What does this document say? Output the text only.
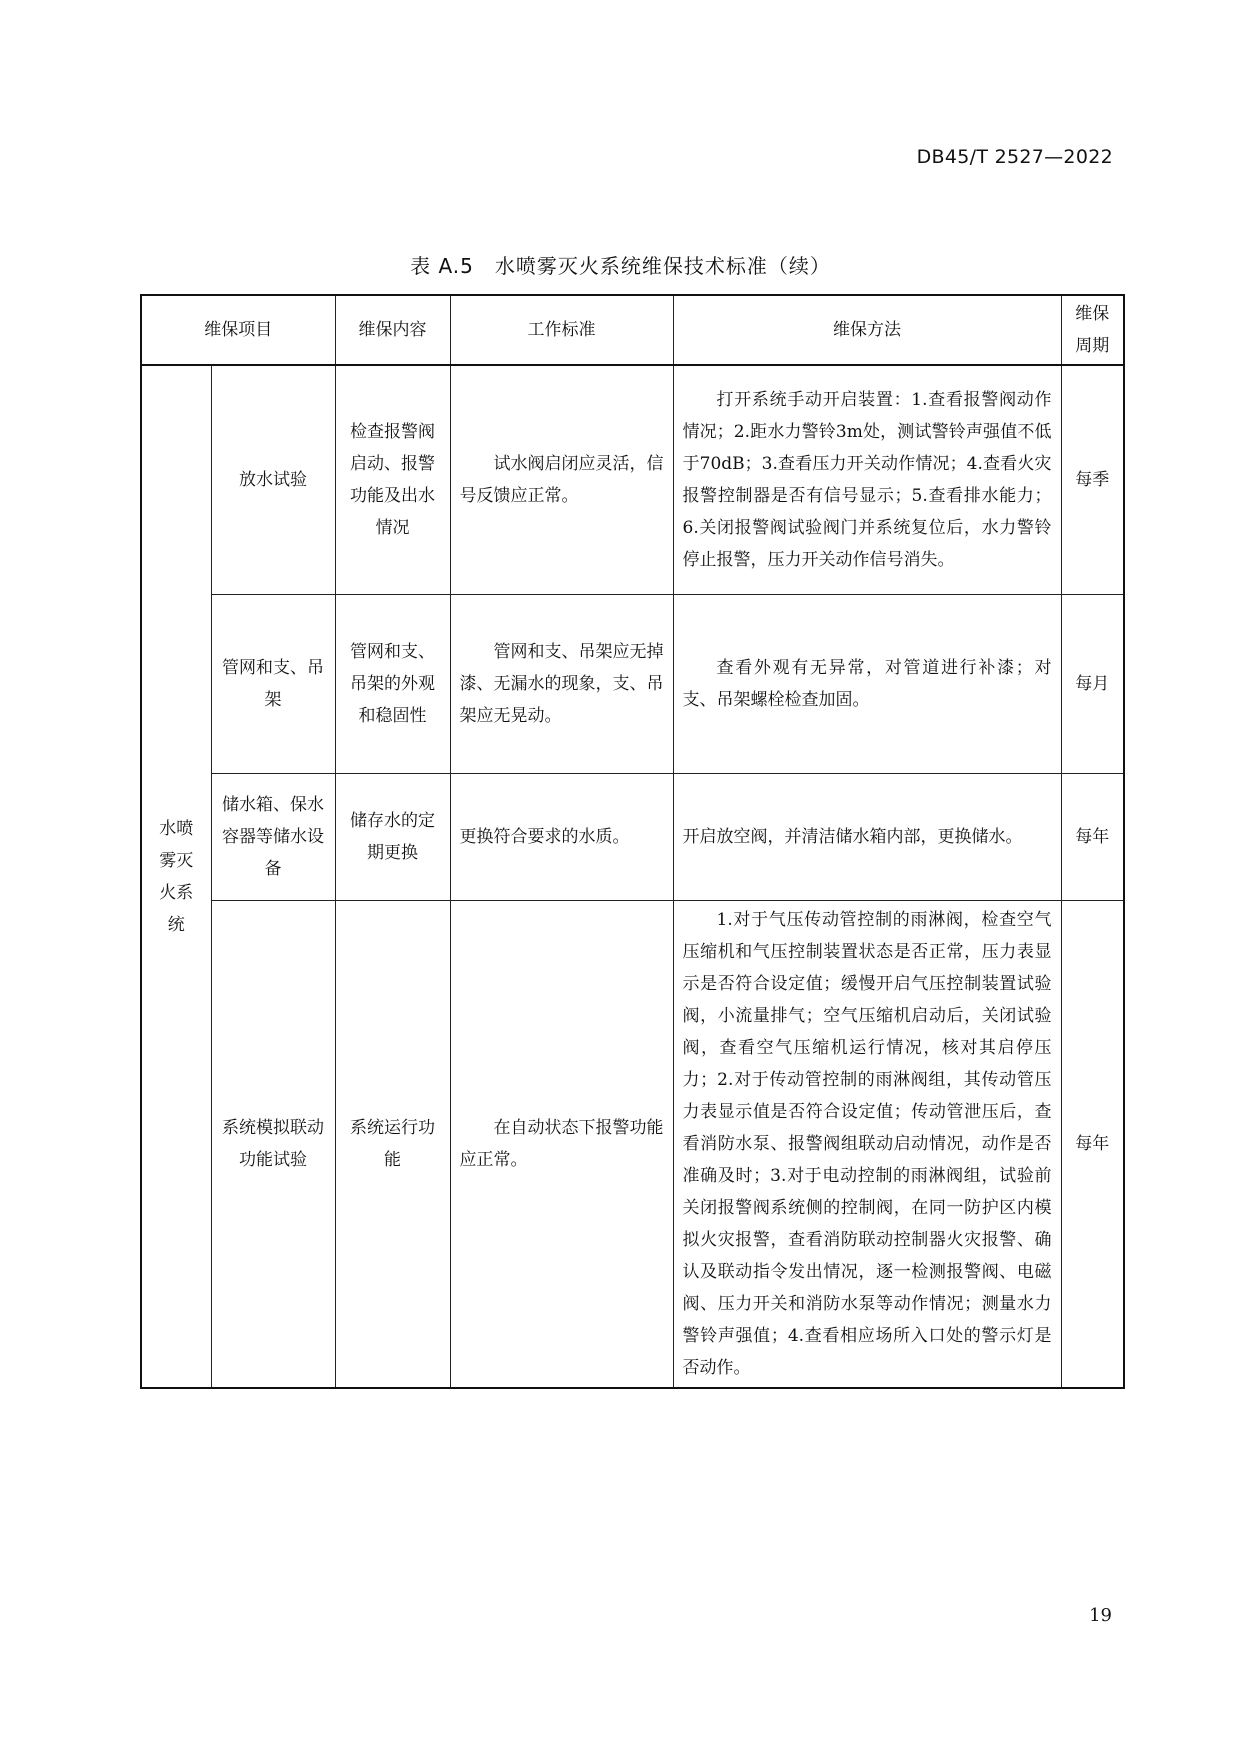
DB45/T 2527—2022
表 A.5　水喷雾灭火系统维保技术标准（续）
维保项目		维保内容	工作标准	维保方法	维保周期
水喷雾灭火系统	放水试验	检查报警阀启动、报警功能及出水情况	试水阀启闭应灵活，信号反馈应正常。	打开系统手动开启装置：1.查看报警阀动作情况；2.距水力警铃3m处，测试警铃声强值不低于70dB；3.查看压力开关动作情况；4.查看火灾报警控制器是否有信号显示；5.查看排水能力；6.关闭报警阀试验阀门并系统复位后，水力警铃停止报警，压力开关动作信号消失。	每季
	管网和支、吊架	管网和支、吊架的外观和稳固性	管网和支、吊架应无掉漆、无漏水的现象，支、吊架应无晃动。	查看外观有无异常，对管道进行补漆；对支、吊架螺栓检查加固。	每月
	储水箱、保水容器等储水设备	储存水的定期更换	更换符合要求的水质。	开启放空阀，并清洁储水箱内部，更换储水。	每年
	系统模拟联动功能试验	系统运行功能	在自动状态下报警功能应正常。	1.对于气压传动管控制的雨淋阀，检查空气压缩机和气压控制装置状态是否正常，压力表显示是否符合设定值；缓慢开启气压控制装置试验阀，小流量排气；空气压缩机启动后，关闭试验阀，查看空气压缩机运行情况，核对其启停压力；2.对于传动管控制的雨淋阀组，其传动管压力表显示值是否符合设定值；传动管泄压后，查看消防水泵、报警阀组联动启动情况，动作是否准确及时；3.对于电动控制的雨淋阀组，试验前关闭报警阀系统侧的控制阀，在同一防护区内模拟火灾报警，查看消防联动控制器火灾报警、确认及联动指令发出情况，逐一检测报警阀、电磁阀、压力开关和消防水泵等动作情况；测量水力警铃声强值；4.查看相应场所入口处的警示灯是否动作。	每年
19
